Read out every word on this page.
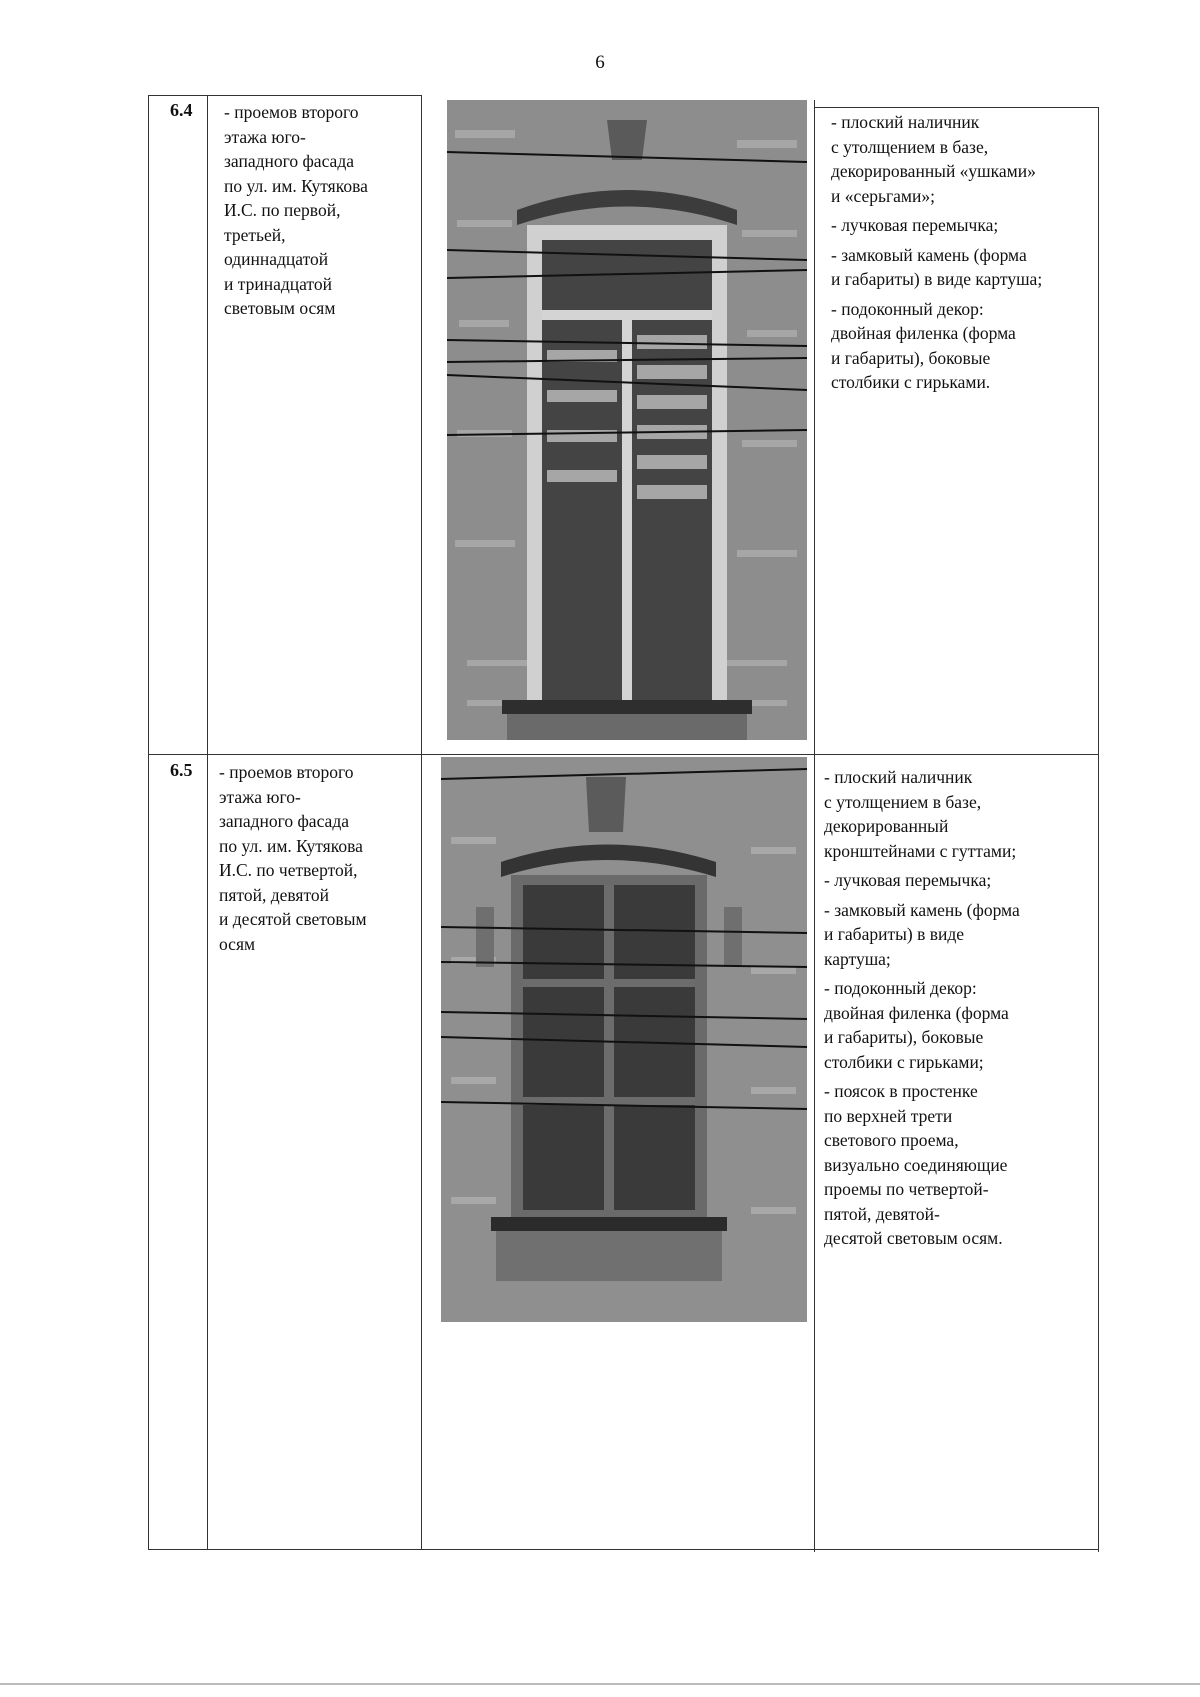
6
6.4 - проемов второго
этажа юго-
западного фасада
по ул. им. Кутякова
И.С. по первой,
третьей,
одиннадцатой
и тринадцатой
световым осям
- плоский наличник
с утолщением в базе,
декорированный «ушками»
и «серьгами»;
- лучковая перемычка;
- замковый камень (форма
и габариты) в виде картуша;
- подоконный декор:
двойная филенка (форма
и габариты), боковые
столбики с гирьками.
6.5 - проемов второго
этажа юго-
западного фасада
по ул. им. Кутякова
И.С. по четвертой,
пятой, девятой
и десятой световым
осям
- плоский наличник
с утолщением в базе,
декорированный
кронштейнами с гуттами;
- лучковая перемычка;
- замковый камень (форма
и габариты) в виде
картуша;
- подоконный декор:
двойная филенка (форма
и габариты), боковые
столбики с гирьками;
- поясок в простенке
по верхней трети
светового проема,
визуально соединяющие
проемы по четвертой-
пятой, девятой-
десятой световым осям.
